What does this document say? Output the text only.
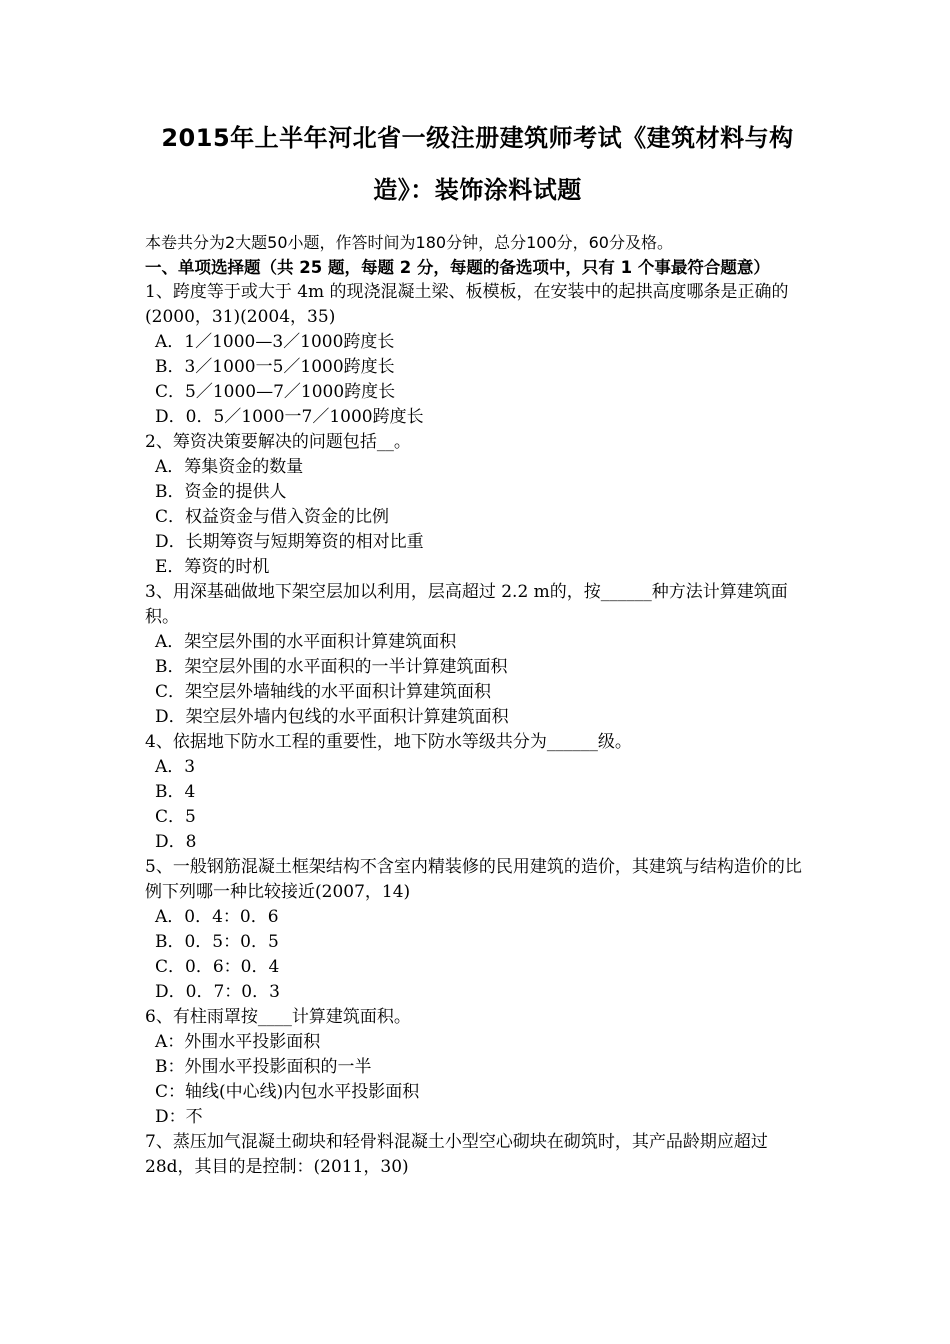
2015年上半年河北省一级注册建筑师考试《建筑材料与构造》：装饰涂料试题

本卷共分为2大题50小题，作答时间为180分钟，总分100分，60分及格。

一、单项选择题（共 25 题，每题 2 分，每题的备选项中，只有 1 个事最符合题意）

1、跨度等于或大于 4m 的现浇混凝土梁、板模板，在安装中的起拱高度哪条是正确的(2000，31)(2004，35)

A．1／1000—3／1000跨度长

B．3／1000一5／1000跨度长

C．5／1000—7／1000跨度长

D．0．5／1000一7／1000跨度长

2、筹资决策要解决的问题包括__。

A．筹集资金的数量

B．资金的提供人

C．权益资金与借入资金的比例

D．长期筹资与短期筹资的相对比重

E．筹资的时机

3、用深基础做地下架空层加以利用，层高超过 2.2 m的，按______种方法计算建筑面积。

A．架空层外围的水平面积计算建筑面积

B．架空层外围的水平面积的一半计算建筑面积

C．架空层外墙轴线的水平面积计算建筑面积

D．架空层外墙内包线的水平面积计算建筑面积

4、依据地下防水工程的重要性，地下防水等级共分为______级。

A．3

B．4

C．5

D．8

5、一般钢筋混凝土框架结构不含室内精装修的民用建筑的造价，其建筑与结构造价的比例下列哪一种比较接近(2007，14)

A．0．4：0．6

B．0．5：0．5

C．0．6：0．4

D．0．7：0．3

6、有柱雨罩按____计算建筑面积。

A：外围水平投影面积

B：外围水平投影面积的一半

C：轴线(中心线)内包水平投影面积

D：不

7、蒸压加气混凝土砌块和轻骨料混凝土小型空心砌块在砌筑时，其产品龄期应超过 28d，其目的是控制：(2011，30)
